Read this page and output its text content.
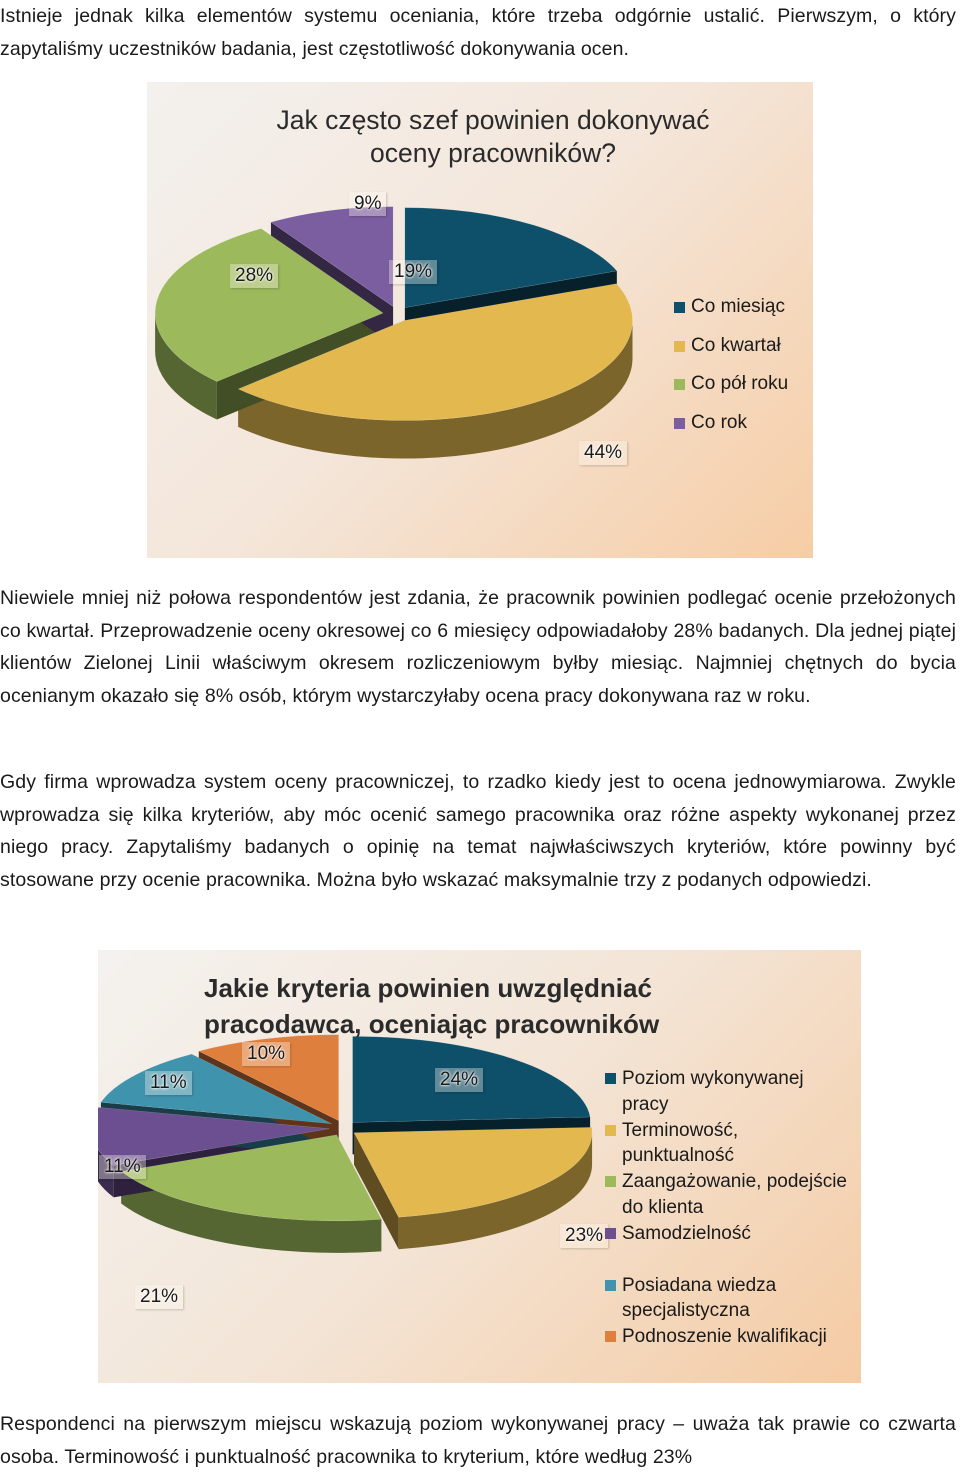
Istnieje jednak kilka elementów systemu oceniania, które trzeba odgórnie ustalić. Pierwszym, o który zapytaliśmy uczestników badania, jest częstotliwość dokonywania ocen.

Jak często szef powinien dokonywać oceny pracowników?
19%
44%
28%
9%
Co miesiąc
Co kwartał
Co pół roku
Co rok

Niewiele mniej niż połowa respondentów jest zdania, że pracownik powinien podlegać ocenie przełożonych co kwartał. Przeprowadzenie oceny okresowej co 6 miesięcy odpowiadałoby 28% badanych. Dla jednej piątej klientów Zielonej Linii właściwym okresem rozliczeniowym byłby miesiąc. Najmniej chętnych do bycia ocenianym okazało się 8% osób, którym wystarczyłaby ocena pracy dokonywana raz w roku.

Gdy firma wprowadza system oceny pracowniczej, to rzadko kiedy jest to ocena jednowymiarowa. Zwykle wprowadza się kilka kryteriów, aby móc ocenić samego pracownika oraz różne aspekty wykonanej przez niego pracy. Zapytaliśmy badanych o opinię na temat najwłaściwszych kryteriów, które powinny być stosowane przy ocenie pracownika. Można było wskazać maksymalnie trzy z podanych odpowiedzi.

Jakie kryteria powinien uwzględniać pracodawca, oceniając pracowników
24%
23%
21%
11%
11%
10%
Poziom wykonywanej pracy
Terminowość, punktualność
Zaangażowanie, podejście do klienta
Samodzielność
Posiadana wiedza specjalistyczna
Podnoszenie kwalifikacji

Respondenci na pierwszym miejscu wskazują poziom wykonywanej pracy – uważa tak prawie co czwarta osoba. Terminowość i punktualność pracownika to kryterium, które według 23%
